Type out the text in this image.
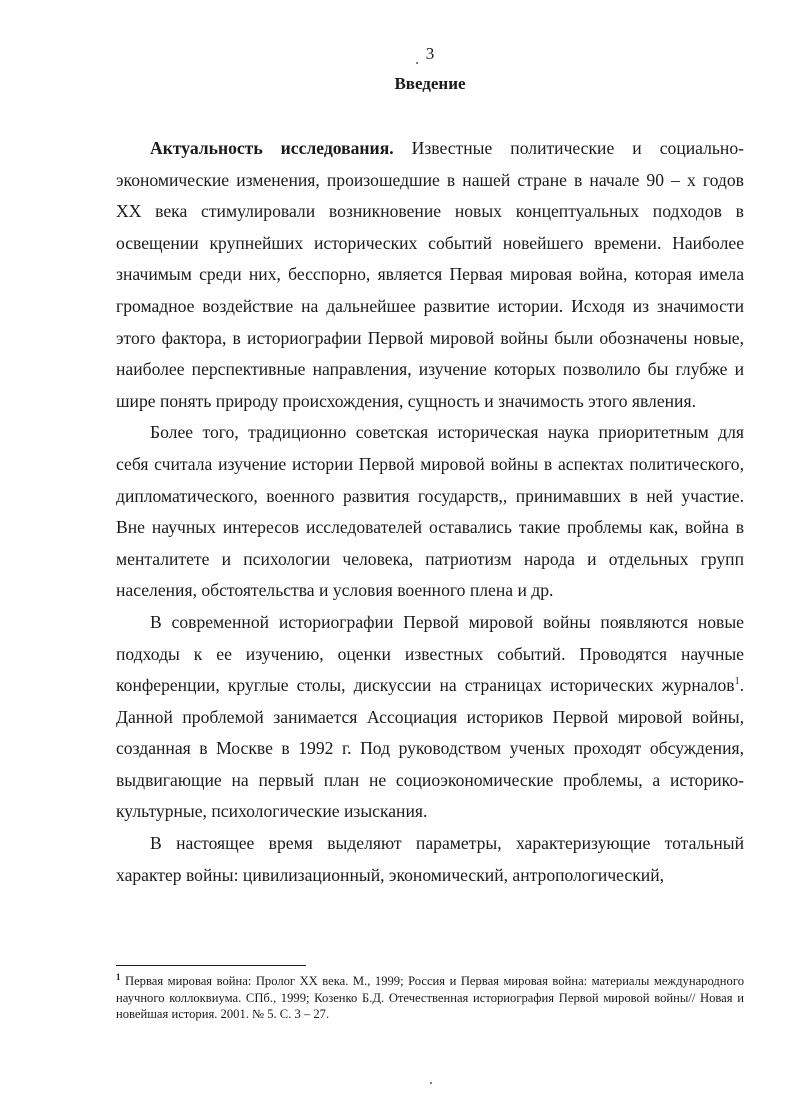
3
Введение

Актуальность исследования. Известные политические и социально-экономические изменения, произошедшие в нашей стране в начале 90 – х годов XX века стимулировали возникновение новых концептуальных подходов в освещении крупнейших исторических событий новейшего времени. Наиболее значимым среди них, бесспорно, является Первая мировая война, которая имела громадное воздействие на дальнейшее развитие истории. Исходя из значимости этого фактора, в историографии Первой мировой войны были обозначены новые, наиболее перспективные направления, изучение которых позволило бы глубже и шире понять природу происхождения, сущность и значимость этого явления.

Более того, традиционно советская историческая наука приоритетным для себя считала изучение истории Первой мировой войны в аспектах политического, дипломатического, военного развития государств,, принимавших в ней участие. Вне научных интересов исследователей оставались такие проблемы как, война в менталитете и психологии человека, патриотизм народа и отдельных групп населения, обстоятельства и условия военного плена и др.

В современной историографии Первой мировой войны появляются новые подходы к ее изучению, оценки известных событий. Проводятся научные конференции, круглые столы, дискуссии на страницах исторических журналов$^1$. Данной проблемой занимается Ассоциация историков Первой мировой войны, созданная в Москве в 1992 г. Под руководством ученых проходят обсуждения, выдвигающие на первый план не социоэкономические проблемы, а историко-культурные, психологические изыскания.

В настоящее время выделяют параметры, характеризующие тотальный характер войны: цивилизационный, экономический, антропологический,

$^1$ Первая мировая война: Пролог XX века. М., 1999; Россия и Первая мировая война: материалы международного научного коллоквиума. СПб., 1999; Козенко Б.Д. Отечественная историография Первой мировой войны// Новая и новейшая история. 2001. № 5. С. 3 – 27.
